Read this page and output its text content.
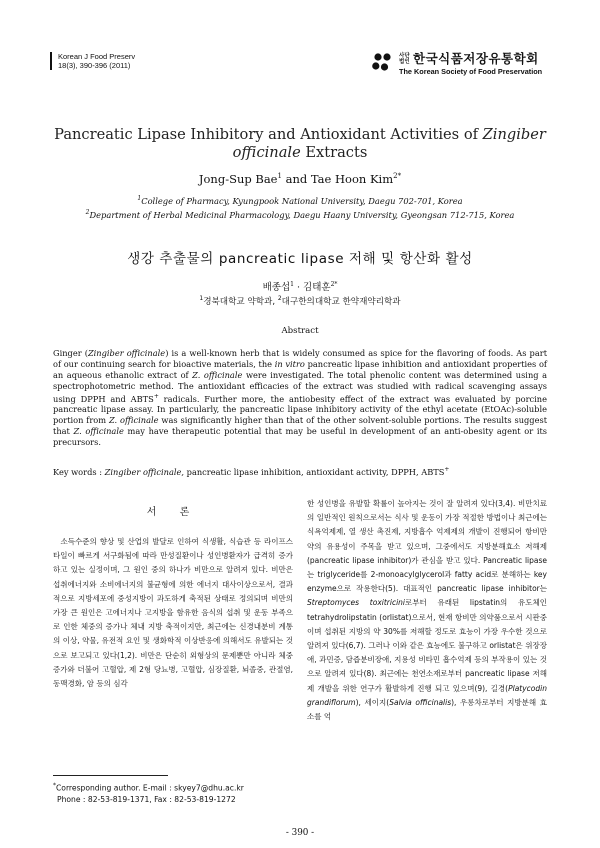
Korean J Food Preserv
18(3), 390-396 (2011)
사단 법인 한국식품저장유통학회
The Korean Society of Food Preservation
Pancreatic Lipase Inhibitory and Antioxidant Activities of Zingiber
officinale Extracts
Jong-Sup Bae$^1$ and Tae Hoon Kim$^{2*}$
$^1$College of Pharmacy, Kyungpook National University, Daegu 702-701, Korea
$^2$Department of Herbal Medicinal Pharmacology, Daegu Haany University, Gyeongsan 712-715, Korea
생강 추출물의 pancreatic lipase 저해 및 항산화 활성
배종섭$^1$ · 김태훈$^{2*}$
$^1$경북대학교 약학과, $^2$대구한의대학교 한약재약리학과
Abstract
Ginger (Zingiber officinale) is a well-known herb that is widely consumed as spice for the flavoring of foods. As part of our continuing search for bioactive materials, the in vitro pancreatic lipase inhibition and antioxidant properties of an aqueous ethanolic extract of Z. officinale were investigated. The total phenolic content was determined using a spectrophotometric method. The antioxidant efficacies of the extract was studied with radical scavenging assays using DPPH and ABTS+ radicals. Further more, the antiobesity effect of the extract was evaluated by porcine pancreatic lipase assay. In particularly, the pancreatic lipase inhibitory activity of the ethyl acetate (EtOAc)-soluble portion from Z. officinale was significantly higher than that of the other solvent-soluble portions. The results suggest that Z. officinale may have therapeutic potential that may be useful in development of an anti-obesity agent or its precursors.
Key words : Zingiber officinale, pancreatic lipase inhibition, antioxidant activity, DPPH, ABTS+
서 론

소득수준의 향상 및 산업의 발달로 인하여 식생활, 식습관 등 라이프스타일이 빠르게 서구화됨에 따라 만성질환이나 성인병환자가 급격히 증가하고 있는 실정이며, 그 원인 중의 하나가 비만으로 알려져 있다. 비만은 섭취에너지와 소비에너지의 불균형에 의한 에너지 대사이상으로서, 결과적으로 지방세포에 중성지방이 과도하게 축적된 상태로 정의되며 비만의 가장 큰 원인은 고에너지나 고지방을 함유한 음식의 섭취 및 운동 부족으로 인한 체중의 증가나 체내 지방 축적이지만, 최근에는 신경내분비 계통의 이상, 약물, 유전적 요인 및 생화학적 이상반응에 의해서도 유발되는 것으로 보고되고 있다(1,2). 비만은 단순히 외형상의 문제뿐만 아니라 체중 증가와 더불어 고혈압, 제 2형 당뇨병, 고혈압, 심장질환, 뇌졸중, 관절염, 동맥경화, 암 등의 심각

한 성인병을 유발할 확률이 높아지는 것이 잘 알려져 있다(3,4). 비만치료의 일반적인 원칙으로서는 식사 및 운동이 가장 적절한 방법이나 최근에는 식욕억제제, 열 생산 촉진제, 지방흡수 억제제의 개발이 진행되어 항비만약의 유용성이 주목을 받고 있으며, 그중에서도 지방분해효소 저해제(pancreatic lipase inhibitor)가 관심을 받고 있다. Pancreatic lipase는 triglyceride를 2-monoacylglycerol과 fatty acid로 분해하는 key enzyme으로 작용한다(5). 대표적인 pancreatic lipase inhibitor는 Streptomyces toxitricini로부터 유래된 lipstatin의 유도체인 tetrahydrolipstatin (orlistat)으로서, 현재 항비만 의약품으로서 시판중이며 섭취된 지방의 약 30%를 저해할 정도로 효능이 가장 우수한 것으로 알려져 있다(6,7). 그러나 이와 같은 효능에도 불구하고 orlistat은 위장장애, 과민증, 담즙분비장애, 지용성 비타민 흡수억제 등의 부작용이 있는 것으로 알려져 있다(8). 최근에는 천연소재로부터 pancreatic lipase 저해제 개발을 위한 연구가 활발하게 진행 되고 있으며(9), 길경(Platycodin grandiflorum), 세이지(Salvia officinalis), 우롱차로부터 지방분해 효소를 억

*Corresponding author. E-mail : skyey7@dhu.ac.kr
Phone : 82-53-819-1371, Fax : 82-53-819-1272
- 390 -
